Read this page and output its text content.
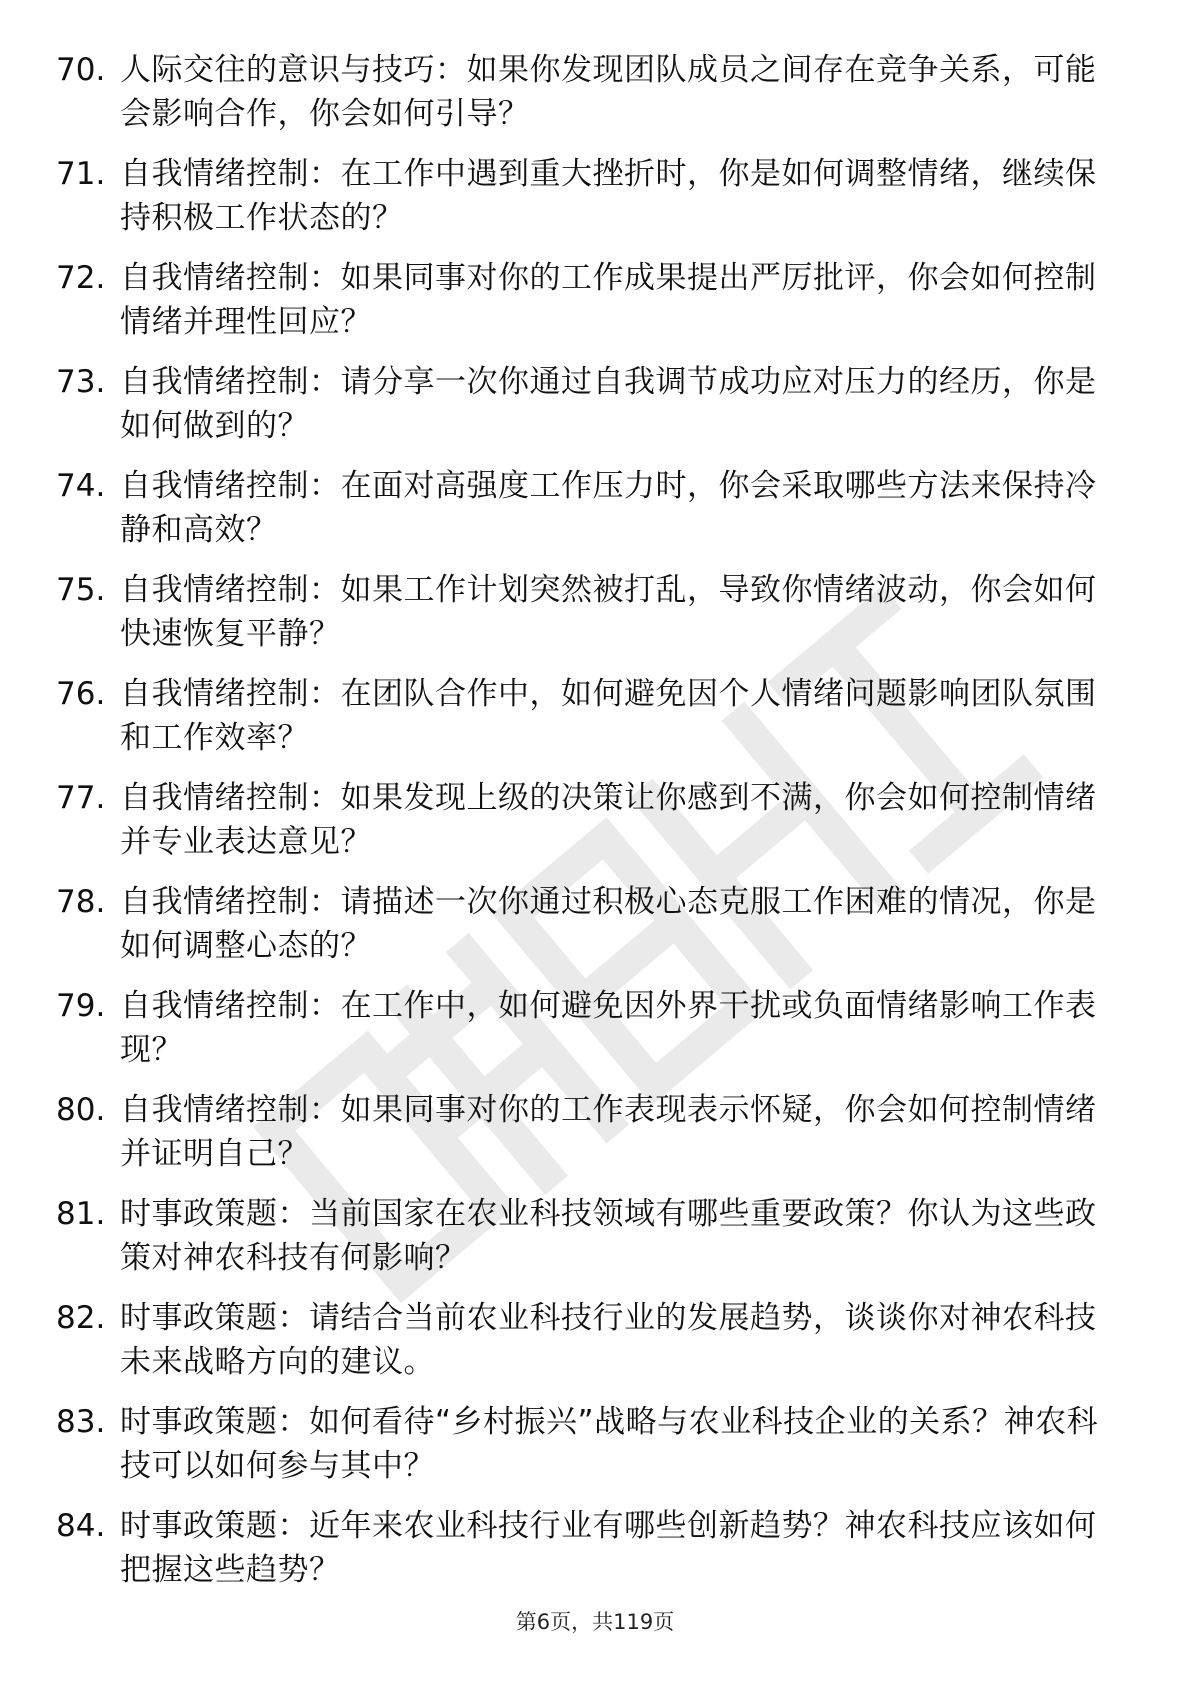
70. 人际交往的意识与技巧：如果你发现团队成员之间存在竞争关系，可能会影响合作，你会如何引导？
71. 自我情绪控制：在工作中遇到重大挫折时，你是如何调整情绪，继续保持积极工作状态的？
72. 自我情绪控制：如果同事对你的工作成果提出严厉批评，你会如何控制情绪并理性回应？
73. 自我情绪控制：请分享一次你通过自我调节成功应对压力的经历，你是如何做到的？
74. 自我情绪控制：在面对高强度工作压力时，你会采取哪些方法来保持冷静和高效？
75. 自我情绪控制：如果工作计划突然被打乱，导致你情绪波动，你会如何快速恢复平静？
76. 自我情绪控制：在团队合作中，如何避免因个人情绪问题影响团队氛围和工作效率？
77. 自我情绪控制：如果发现上级的决策让你感到不满，你会如何控制情绪并专业表达意见？
78. 自我情绪控制：请描述一次你通过积极心态克服工作困难的情况，你是如何调整心态的？
79. 自我情绪控制：在工作中，如何避免因外界干扰或负面情绪影响工作表现？
80. 自我情绪控制：如果同事对你的工作表现表示怀疑，你会如何控制情绪并证明自己？
81. 时事政策题：当前国家在农业科技领域有哪些重要政策？你认为这些政策对神农科技有何影响？
82. 时事政策题：请结合当前农业科技行业的发展趋势，谈谈你对神农科技未来战略方向的建议。
83. 时事政策题：如何看待“乡村振兴”战略与农业科技企业的关系？神农科技可以如何参与其中？
84. 时事政策题：近年来农业科技行业有哪些创新趋势？神农科技应该如何把握这些趋势？
第6页，共119页
